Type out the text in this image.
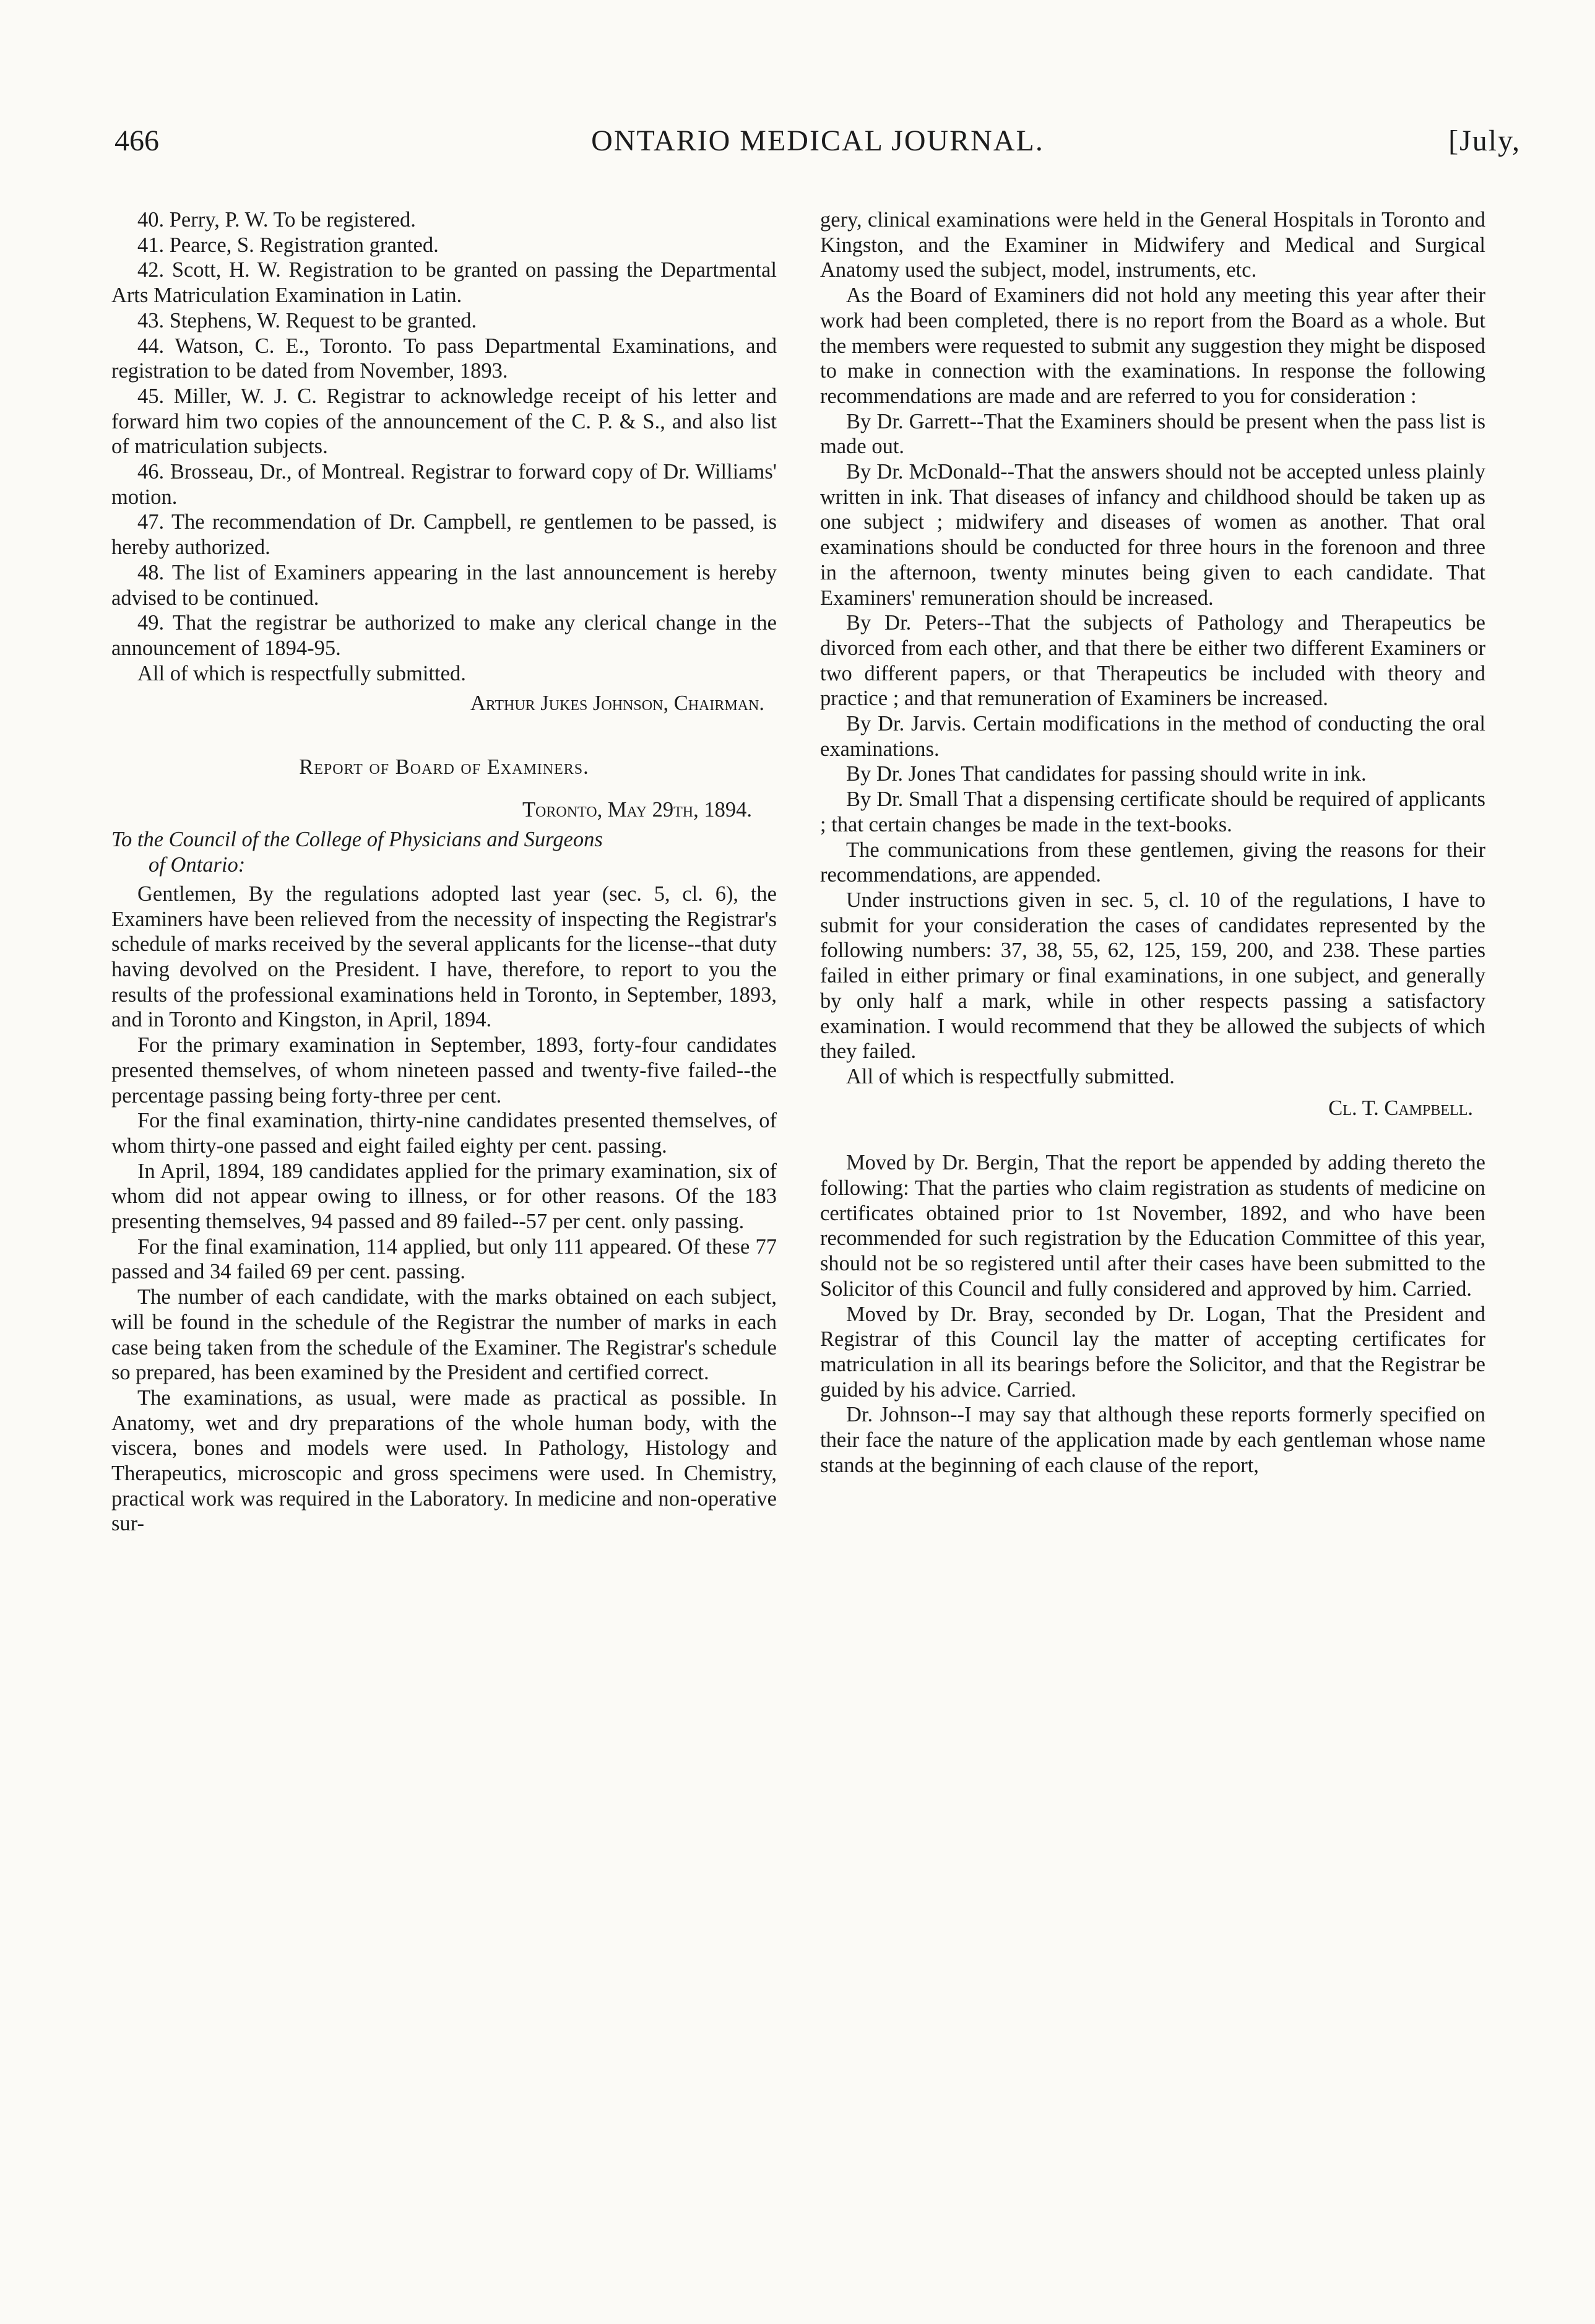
466	ONTARIO MEDICAL JOURNAL.	[July,

40. Perry, P. W. To be registered.

41. Pearce, S. Registration granted.

42. Scott, H. W. Registration to be granted on passing the Departmental Arts Matriculation Examination in Latin.

43. Stephens, W. Request to be granted.

44. Watson, C. E., Toronto. To pass Departmental Examinations, and registration to be dated from November, 1893.

45. Miller, W. J. C. Registrar to acknowledge receipt of his letter and forward him two copies of the announcement of the C. P. & S., and also list of matriculation subjects.

46. Brosseau, Dr., of Montreal. Registrar to forward copy of Dr. Williams' motion.

47. The recommendation of Dr. Campbell, re gentlemen to be passed, is hereby authorized.

48. The list of Examiners appearing in the last announcement is hereby advised to be continued.

49. That the registrar be authorized to make any clerical change in the announcement of 1894-95.

All of which is respectfully submitted.

Arthur Jukes Johnson, Chairman.
Report of Board of Examiners.
Toronto, May 29th, 1894.
To the Council of the College of Physicians and Surgeons
of Ontario:

Gentlemen, By the regulations adopted last year (sec. 5, cl. 6), the Examiners have been relieved from the necessity of inspecting the Registrar's schedule of marks received by the several applicants for the license--that duty having devolved on the President. I have, therefore, to report to you the results of the professional examinations held in Toronto, in September, 1893, and in Toronto and Kingston, in April, 1894.

For the primary examination in September, 1893, forty-four candidates presented themselves, of whom nineteen passed and twenty-five failed--the percentage passing being forty-three per cent.

For the final examination, thirty-nine candidates presented themselves, of whom thirty-one passed and eight failed eighty per cent. passing.

In April, 1894, 189 candidates applied for the primary examination, six of whom did not appear owing to illness, or for other reasons. Of the 183 presenting themselves, 94 passed and 89 failed--57 per cent. only passing.

For the final examination, 114 applied, but only 111 appeared. Of these 77 passed and 34 failed 69 per cent. passing.

The number of each candidate, with the marks obtained on each subject, will be found in the schedule of the Registrar the number of marks in each case being taken from the schedule of the Examiner. The Registrar's schedule so prepared, has been examined by the President and certified correct.

The examinations, as usual, were made as practical as possible. In Anatomy, wet and dry preparations of the whole human body, with the viscera, bones and models were used. In Pathology, Histology and Therapeutics, microscopic and gross specimens were used. In Chemistry, practical work was required in the Laboratory. In medicine and non-operative sur-

gery, clinical examinations were held in the General Hospitals in Toronto and Kingston, and the Examiner in Midwifery and Medical and Surgical Anatomy used the subject, model, instruments, etc.

As the Board of Examiners did not hold any meeting this year after their work had been completed, there is no report from the Board as a whole. But the members were requested to submit any suggestion they might be disposed to make in connection with the examinations. In response the following recommendations are made and are referred to you for consideration :

By Dr. Garrett--That the Examiners should be present when the pass list is made out.

By Dr. McDonald--That the answers should not be accepted unless plainly written in ink. That diseases of infancy and childhood should be taken up as one subject ; midwifery and diseases of women as another. That oral examinations should be conducted for three hours in the forenoon and three in the afternoon, twenty minutes being given to each candidate. That Examiners' remuneration should be increased.

By Dr. Peters--That the subjects of Pathology and Therapeutics be divorced from each other, and that there be either two different Examiners or two different papers, or that Therapeutics be included with theory and practice ; and that remuneration of Examiners be increased.

By Dr. Jarvis. Certain modifications in the method of conducting the oral examinations.

By Dr. Jones That candidates for passing should write in ink.

By Dr. Small That a dispensing certificate should be required of applicants ; that certain changes be made in the text-books.

The communications from these gentlemen, giving the reasons for their recommendations, are appended.

Under instructions given in sec. 5, cl. 10 of the regulations, I have to submit for your consideration the cases of candidates represented by the following numbers: 37, 38, 55, 62, 125, 159, 200, and 238. These parties failed in either primary or final examinations, in one subject, and generally by only half a mark, while in other respects passing a satisfactory examination. I would recommend that they be allowed the subjects of which they failed.

All of which is respectfully submitted.

Cl. T. Campbell.

Moved by Dr. Bergin, That the report be appended by adding thereto the following: That the parties who claim registration as students of medicine on certificates obtained prior to 1st November, 1892, and who have been recommended for such registration by the Education Committee of this year, should not be so registered until after their cases have been submitted to the Solicitor of this Council and fully considered and approved by him. Carried.

Moved by Dr. Bray, seconded by Dr. Logan, That the President and Registrar of this Council lay the matter of accepting certificates for matriculation in all its bearings before the Solicitor, and that the Registrar be guided by his advice. Carried.

Dr. Johnson--I may say that although these reports formerly specified on their face the nature of the application made by each gentleman whose name stands at the beginning of each clause of the report,
